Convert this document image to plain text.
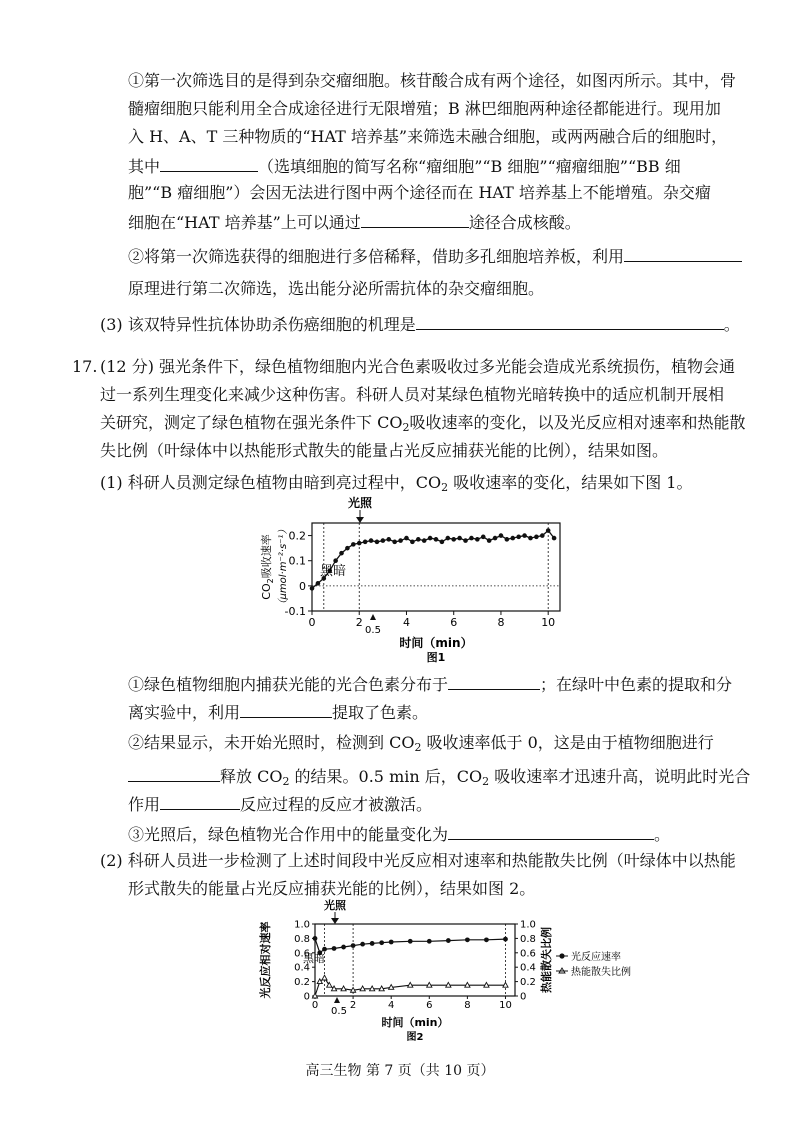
①第一次筛选目的是得到杂交瘤细胞。核苷酸合成有两个途径，如图丙所示。其中，骨
髓瘤细胞只能利用全合成途径进行无限增殖；B 淋巴细胞两种途径都能进行。现用加
入 H、A、T 三种物质的“HAT 培养基”来筛选未融合细胞，或两两融合后的细胞时，
其中	（选填细胞的简写名称“瘤细胞”“B 细胞”“瘤瘤细胞”“BB 细
胞”“B 瘤细胞”）会因无法进行图中两个途径而在 HAT 培养基上不能增殖。杂交瘤
细胞在“HAT 培养基”上可以通过	途径合成核酸。
②将第一次筛选获得的细胞进行多倍稀释，借助多孔细胞培养板，利用
原理进行第二次筛选，选出能分泌所需抗体的杂交瘤细胞。
(3) 该双特异性抗体协助杀伤癌细胞的机理是	。
17. (12 分) 强光条件下，绿色植物细胞内光合色素吸收过多光能会造成光系统损伤，植物会通
过一系列生理变化来减少这种伤害。科研人员对某绿色植物光暗转换中的适应机制开展相
关研究，测定了绿色植物在强光条件下 $CO_2$吸收速率的变化，以及光反应相对速率和热能散
失比例（叶绿体中以热能形式散失的能量占光反应捕获光能的比例），结果如图。
(1) 科研人员测定绿色植物由暗到亮过程中，$CO_2$ 吸收速率的变化，结果如下图 1。
0.2
0.1
0
-0.1
0	2	4	6	8	10
光照
黑暗
$CO_2$吸收速率 （μmol·m⁻²·s⁻¹）
0.5
时间（min）
图1
①绿色植物细胞内捕获光能的光合色素分布于	；在绿叶中色素的提取和分
离实验中，利用	提取了色素。
②结果显示，未开始光照时，检测到 $CO_2$ 吸收速率低于 0，这是由于植物细胞进行
释放 $CO_2$ 的结果。0.5 min 后，$CO_2$ 吸收速率才迅速升高，说明此时光合
作用	反应过程的反应才被激活。
③光照后，绿色植物光合作用中的能量变化为	。
(2) 科研人员进一步检测了上述时间段中光反应相对速率和热能散失比例（叶绿体中以热能
形式散失的能量占光反应捕获光能的比例），结果如图 2。
1.0
0.8
0.6
0.4
0.2
0
1.0
0.8
0.6
0.4
0.2
0
0	2	4	6	8	10
光照
黑暗
光反应相对速率	热能散失比例 光反应速率
热能散失比例
0.5
时间（min）
图2
高三生物 第 7 页（共 10 页）
